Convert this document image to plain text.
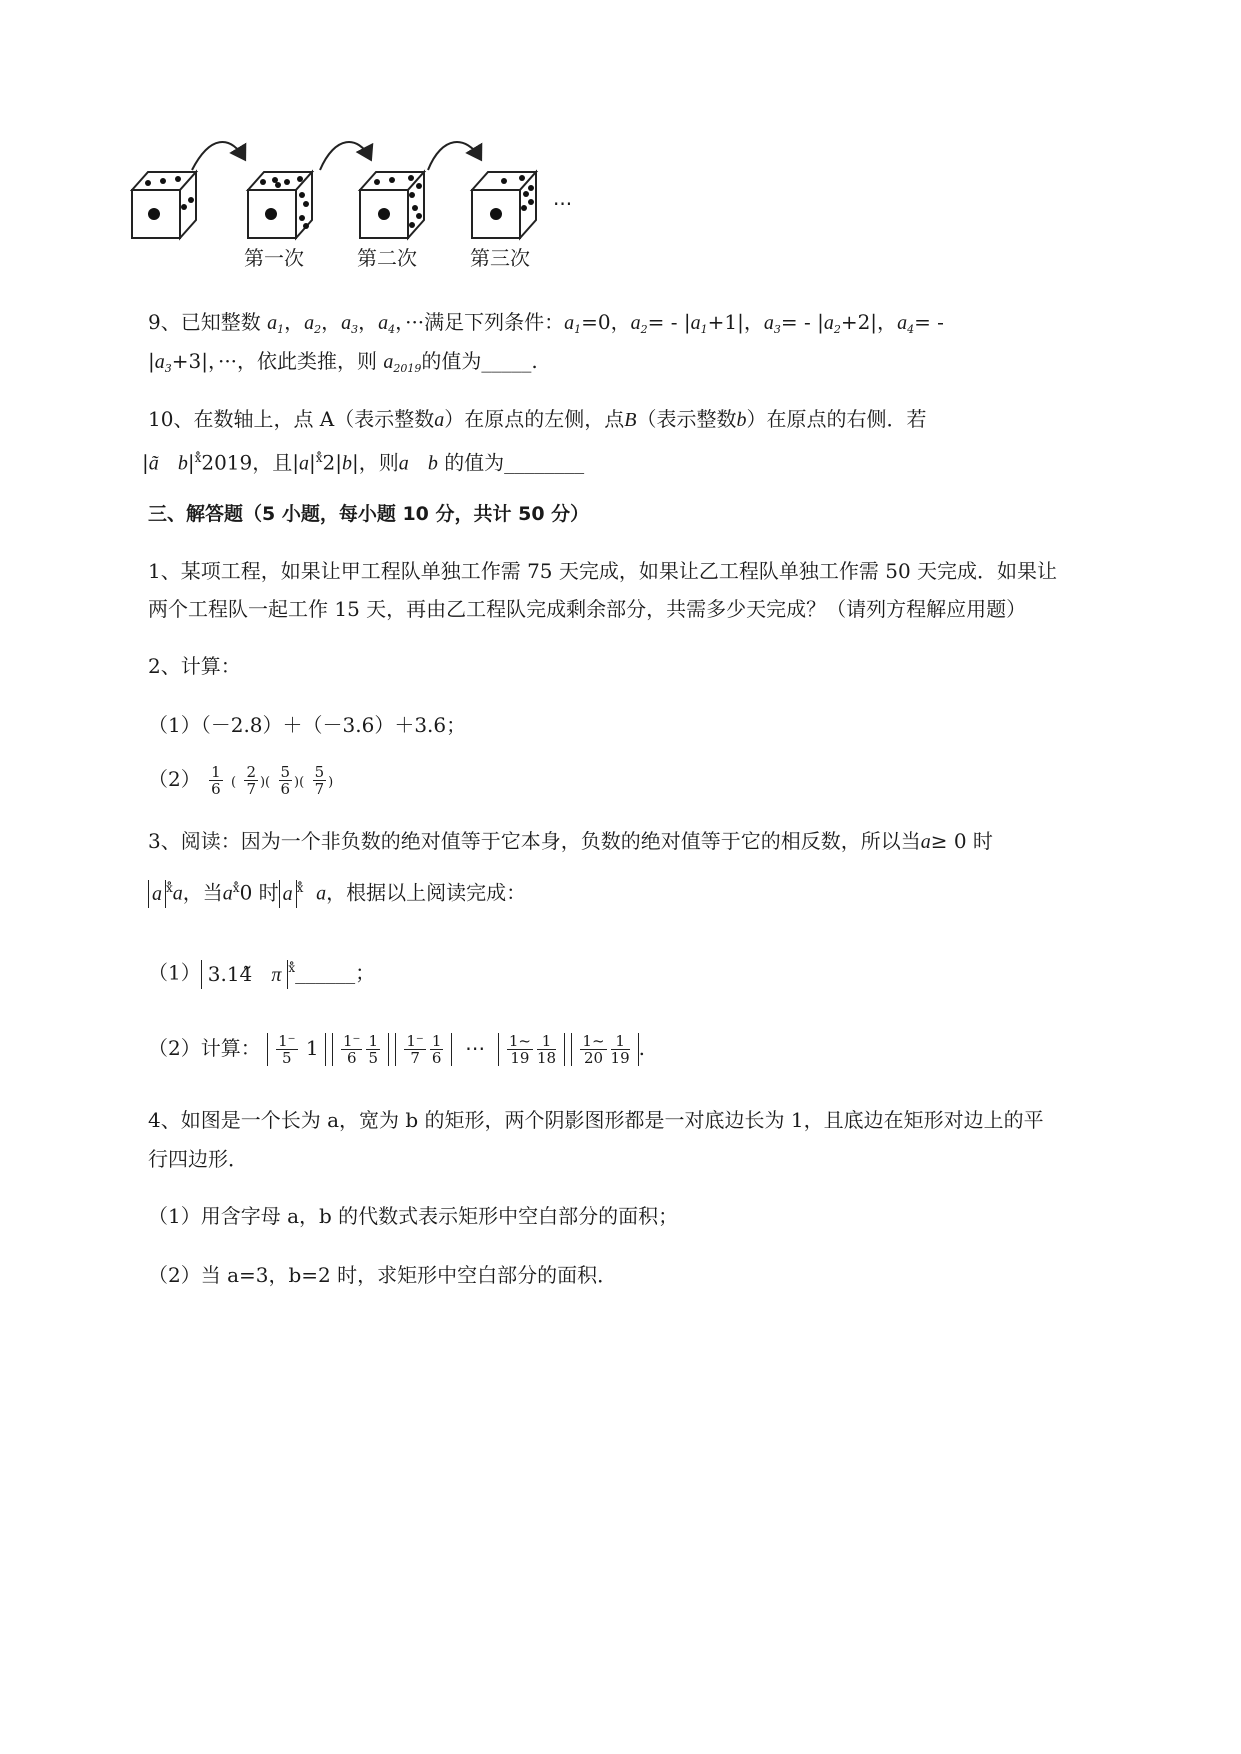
···
第一次	第二次	第三次
9、已知整数 $a_1$，$a_2$，$a_3$，$a_4$，···满足下列条件：$a_1=0$，$a_2= - |a_1+1|$，$a_3= - |a_2+2|$，$a_4=$ -
$|a_3+3|$，···，依此类推，则 $a_{2019}$的值为_____.
10、在数轴上，点 A（表示整数a）在原点的左侧，点B（表示整数b）在原点的右侧．若
|ã $b|^{x̊̊}2019$，且$|a|^{x̊̊}2|b|$，则a b 的值为________
三、解答题（5 小题，每小题 10 分，共计 50 分）
1、某项工程，如果让甲工程队单独工作需 75 天完成，如果让乙工程队单独工作需 50 天完成．如果让
两个工程队一起工作 15 天，再由乙工程队完成剩余部分，共需多少天完成？（请列方程解应用题）
2、计算：
（1）（－2.8）＋（－3.6）＋3.6；
$(2) \frac{1}{6}$ ( $\frac{2}{7}$ )( $\frac{5}{6}$ )( $\frac{5}{7}$ )
3、阅读：因为一个非负数的绝对值等于它本身，负数的绝对值等于它的相反数，所以当a≥ 0 时
a $^{x̊̊}$a，当$a^{x̊̊}0$ 时 a $^{x̊̊}$ a，根据以上阅读完成：
（1） 3.14̃   π $^{x̊̊}$______；
（2）计算： $\frac{1^-}{5} 1 \frac{1^-}{6} \frac{1}{5}$
$\frac{1^-}{7} \frac{1}{6}$ ⋯ $\frac{1\sim}{19} \frac{1}{18}$
$\frac{1\sim}{20} \frac{1}{19}$ .
4、如图是一个长为 a，宽为 b 的矩形，两个阴影图形都是一对底边长为 1，且底边在矩形对边上的平
行四边形．
（1）用含字母 a，b 的代数式表示矩形中空白部分的面积；
（2）当 a=3，b=2 时，求矩形中空白部分的面积．
